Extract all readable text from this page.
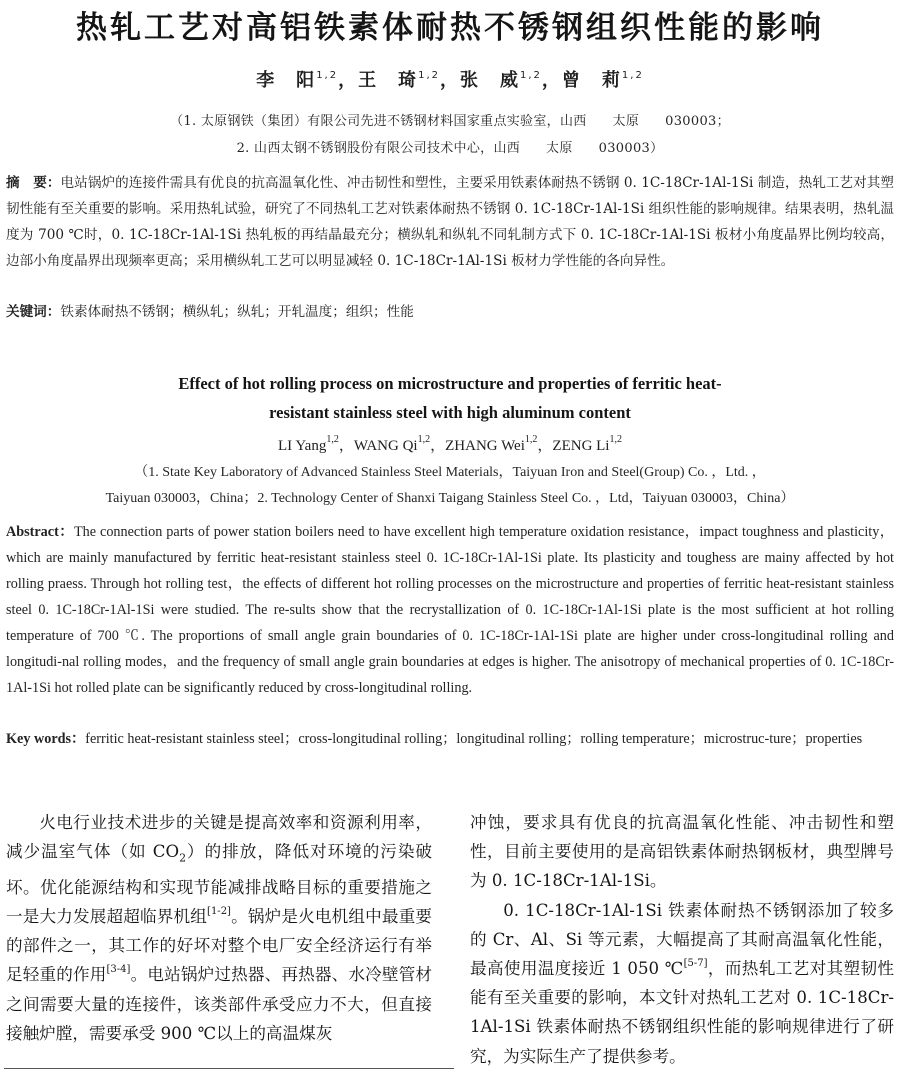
热轧工艺对高铝铁素体耐热不锈钢组织性能的影响
李　阳$^{1,2}$，王　琦$^{1,2}$，张　威$^{1,2}$，曾　莉$^{1,2}$
（1. 太原钢铁（集团）有限公司先进不锈钢材料国家重点实验室，山西 太原 030003；
2. 山西太钢不锈钢股份有限公司技术中心，山西 太原 030003）
摘　要：电站锅炉的连接件需具有优良的抗高温氧化性、冲击韧性和塑性，主要采用铁素体耐热不锈钢 0. 1C-18Cr-1Al-1Si 制造，热轧工艺对其塑韧性能有至关重要的影响。采用热轧试验，研究了不同热轧工艺对铁素体耐热不锈钢 0. 1C-18Cr-1Al-1Si 组织性能的影响规律。结果表明，热轧温度为 700 ℃时，0. 1C-18Cr-1Al-1Si 热轧板的再结晶最充分；横纵轧和纵轧不同轧制方式下 0. 1C-18Cr-1Al-1Si 板材小角度晶界比例均较高，边部小角度晶界出现频率更高；采用横纵轧工艺可以明显减轻 0. 1C-18Cr-1Al-1Si 板材力学性能的各向异性。
关键词：铁素体耐热不锈钢；横纵轧；纵轧；开轧温度；组织；性能
Effect of hot rolling process on microstructure and properties of ferritic heat-
resistant stainless steel with high aluminum content
LI Yang$^{1,2}$，WANG Qi$^{1,2}$，ZHANG Wei$^{1,2}$，ZENG Li$^{1,2}$
（1. State Key Laboratory of Advanced Stainless Steel Materials，Taiyuan Iron and Steel(Group) Co. ，Ltd. ，
Taiyuan 030003，China；2. Technology Center of Shanxi Taigang Stainless Steel Co. ，Ltd，Taiyuan 030003，China）
Abstract：The connection parts of power station boilers need to have excellent high temperature oxidation resistance，impact toughness and plasticity，which are mainly manufactured by ferritic heat-resistant stainless steel 0. 1C-18Cr-1Al-1Si plate. Its plasticity and toughess are mainy affected by hot rolling praess. Through hot rolling test，the effects of different hot rolling processes on the microstructure and properties of ferritic heat-resistant stainless steel 0. 1C-18Cr-1Al-1Si were studied. The re-sults show that the recrystallization of 0. 1C-18Cr-1Al-1Si plate is the most sufficient at hot rolling temperature of 700 ℃. The proportions of small angle grain boundaries of 0. 1C-18Cr-1Al-1Si plate are higher under cross-longitudinal rolling and longitudi-nal rolling modes，and the frequency of small angle grain boundaries at edges is higher. The anisotropy of mechanical properties of 0. 1C-18Cr-1Al-1Si hot rolled plate can be significantly reduced by cross-longitudinal rolling.
Key words：ferritic heat-resistant stainless steel；cross-longitudinal rolling；longitudinal rolling；rolling temperature；microstruc-ture；properties

火电行业技术进步的关键是提高效率和资源利用率，减少温室气体（如 $CO_2$）的排放，降低对环境的污染破坏。优化能源结构和实现节能减排战略目标的重要措施之一是大力发展超超临界机组[1-2]。锅炉是火电机组中最重要的部件之一，其工作的好坏对整个电厂安全经济运行有举足轻重的作用[3-4]。电站锅炉过热器、再热器、水冷壁管材之间需要大量的连接件，该类部件承受应力不大，但直接接触炉膛，需要承受 900 ℃以上的高温煤灰

冲蚀，要求具有优良的抗高温氧化性能、冲击韧性和塑性，目前主要使用的是高铝铁素体耐热钢板材，典型牌号为 0. 1C-18Cr-1Al-1Si。

0. 1C-18Cr-1Al-1Si 铁素体耐热不锈钢添加了较多的 Cr、Al、Si 等元素，大幅提高了其耐高温氧化性能，最高使用温度接近 1 050 ℃[5-7]，而热轧工艺对其塑韧性能有至关重要的影响，本文针对热轧工艺对 0. 1C-18Cr-1Al-1Si 铁素体耐热不锈钢组织性能的影响规律进行了研究，为实际生产了提供参考。
